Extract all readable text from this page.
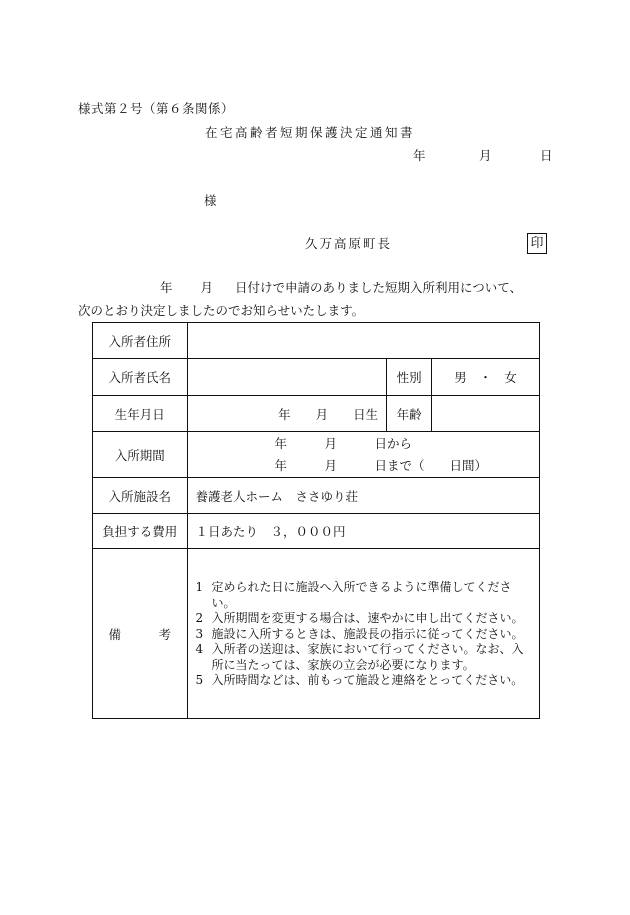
様式第２号（第６条関係）
在宅高齢者短期保護決定通知書
年	月	日
様
久万高原町長	印
年 月 日付けで申請のありました短期入所利用について、
次のとおり決定しましたのでお知らせいたします。
入所者住所			
入所者氏名		性別	男　・　女
生年月日	年　　月　　日生	年齢	
入所期間	年　　　月　　　日から
年　　　月　　　日まで（　　日間）		

入所施設名	養護老人ホーム　ささゆり荘		
負担する費用	１日あたり　３，０００円		
備　　　考	1 定められた日に施設へ入所できるように準備してください。
2 入所期間を変更する場合は、速やかに申し出てください。
3 施設に入所するときは、施設長の指示に従ってください。
4 入所者の送迎は、家族において行ってください。なお、入所に当たっては、家族の立会が必要になります。
5 入所時間などは、前もって施設と連絡をとってください。		
